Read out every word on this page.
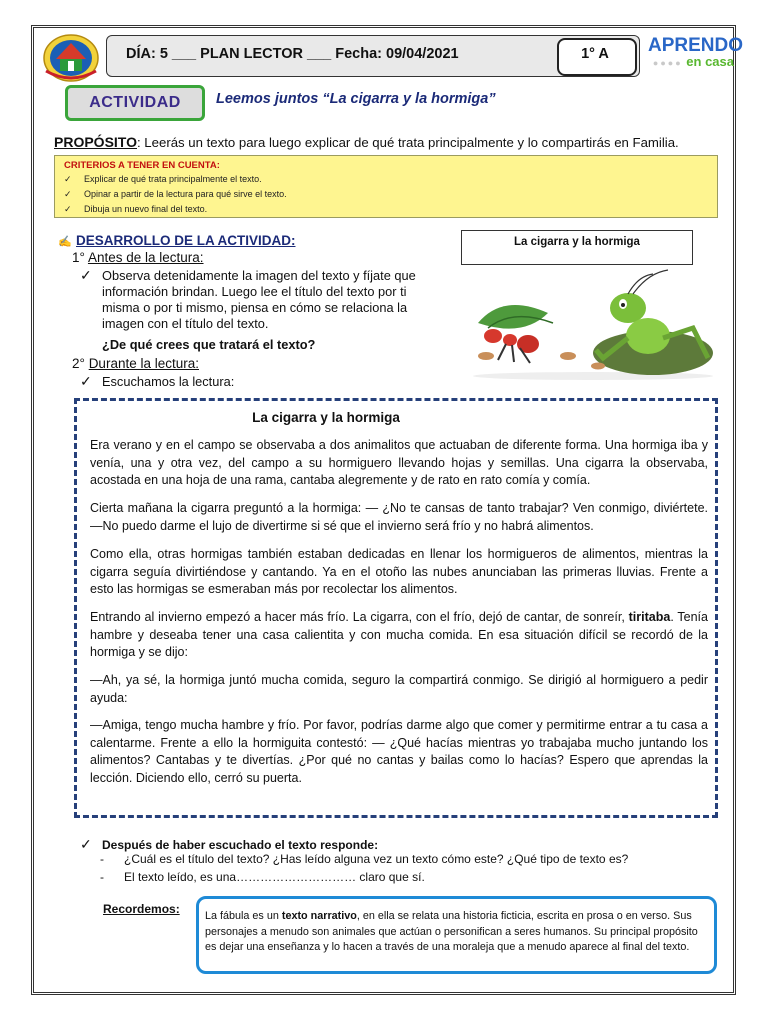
DÍA: 5 ___ PLAN LECTOR ___ Fecha: 09/04/2021	1° A	APRENDO
●●●● en casa
ACTIVIDAD	Leemos juntos “La cigarra y la hormiga”
PROPÓSITO: Leerás un texto para luego explicar de qué trata principalmente y lo compartirás en Familia.
CRITERIOS A TENER EN CUENTA:
✓ Explicar de qué trata principalmente el texto.
✓ Opinar a partir de la lectura para qué sirve el texto.
✓ Dibuja un nuevo final del texto.
✍ DESARROLLO DE LA ACTIVIDAD:
1° Antes de la lectura:
✓ Observa detenidamente la imagen del texto y fíjate que información brindan. Luego lee el título del texto por ti misma o por ti mismo, piensa en cómo se relaciona la imagen con el título del texto.
¿De qué crees que tratará el texto?
2° Durante la lectura:
✓ Escuchamos la lectura:
La cigarra y la hormiga
La cigarra y la hormiga
Era verano y en el campo se observaba a dos animalitos que actuaban de diferente forma. Una hormiga iba y venía, una y otra vez, del campo a su hormiguero llevando hojas y semillas. Una cigarra la observaba, acostada en una hoja de una rama, cantaba alegremente y de rato en rato comía y comía.
Cierta mañana la cigarra preguntó a la hormiga: — ¿No te cansas de tanto trabajar? Ven conmigo, diviértete. —No puedo darme el lujo de divertirme si sé que el invierno será frío y no habrá alimentos.
Como ella, otras hormigas también estaban dedicadas en llenar los hormigueros de alimentos, mientras la cigarra seguía divirtiéndose y cantando. Ya en el otoño las nubes anunciaban las primeras lluvias. Frente a esto las hormigas se esmeraban más por recolectar los alimentos.
Entrando al invierno empezó a hacer más frío. La cigarra, con el frío, dejó de cantar, de sonreír, tiritaba. Tenía hambre y deseaba tener una casa calientita y con mucha comida. En esa situación difícil se recordó de la hormiga y se dijo:
—Ah, ya sé, la hormiga juntó mucha comida, seguro la compartirá conmigo. Se dirigió al hormiguero a pedir ayuda:
—Amiga, tengo mucha hambre y frío. Por favor, podrías darme algo que comer y permitirme entrar a tu casa a calentarme. Frente a ello la hormiguita contestó: — ¿Qué hacías mientras yo trabajaba mucho juntando los alimentos? Cantabas y te divertías. ¿Por qué no cantas y bailas como lo hacías? Espero que aprendas la lección. Diciendo ello, cerró su puerta.
✓ Después de haber escuchado el texto responde:
- ¿Cuál es el título del texto? ¿Has leído alguna vez un texto cómo este? ¿Qué tipo de texto es?
- El texto leído, es una………………………… claro que sí.
Recordemos: La fábula es un texto narrativo, en ella se relata una historia ficticia, escrita en prosa o en verso. Sus personajes a menudo son animales que actúan o personifican a seres humanos. Su principal propósito es dejar una enseñanza y lo hacen a través de una moraleja que a menudo aparece al final del texto.
